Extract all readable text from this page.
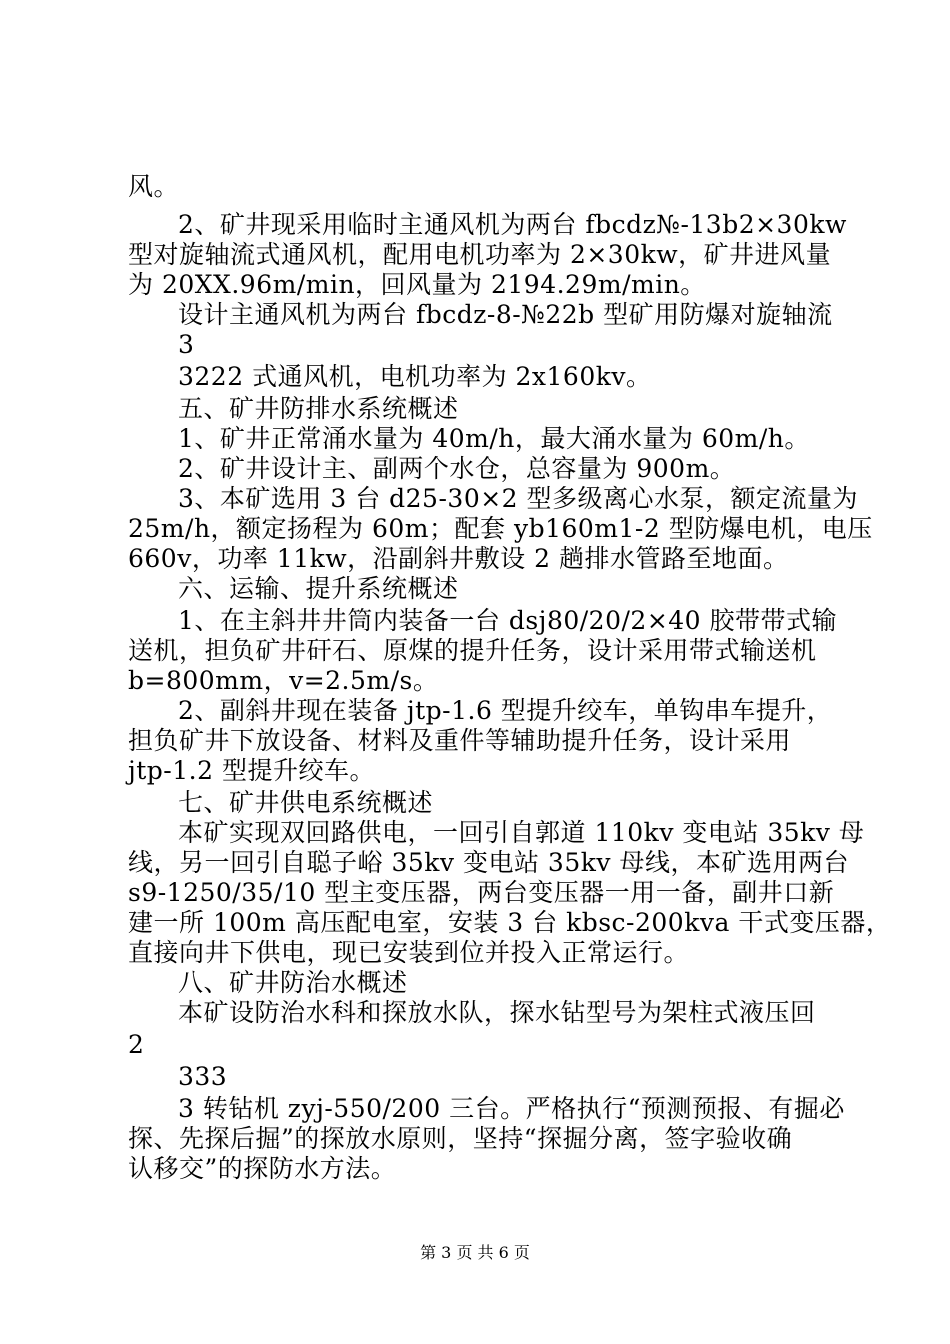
风。
2、矿井现采用临时主通风机为两台 fbcdz№-13b2×30kw
型对旋轴流式通风机，配用电机功率为 2×30kw，矿井进风量
为 20XX.96m/min，回风量为 2194.29m/min。
设计主通风机为两台 fbcdz-8-№22b 型矿用防爆对旋轴流
3
3222 式通风机，电机功率为 2x160kv。
五、矿井防排水系统概述
1、矿井正常涌水量为 40m/h，最大涌水量为 60m/h。
2、矿井设计主、副两个水仓，总容量为 900m。
3、本矿选用 3 台 d25-30×2 型多级离心水泵，额定流量为
25m/h，额定扬程为 60m；配套 yb160m1-2 型防爆电机，电压
660v，功率 11kw，沿副斜井敷设 2 趟排水管路至地面。
六、运输、提升系统概述
1、在主斜井井筒内装备一台 dsj80/20/2×40 胶带带式输
送机，担负矿井矸石、原煤的提升任务，设计采用带式输送机
b=800mm，v=2.5m/s。
2、副斜井现在装备 jtp-1.6 型提升绞车，单钩串车提升，
担负矿井下放设备、材料及重件等辅助提升任务，设计采用
jtp-1.2 型提升绞车。
七、矿井供电系统概述
本矿实现双回路供电，一回引自郭道 110kv 变电站 35kv 母
线，另一回引自聪子峪 35kv 变电站 35kv 母线，本矿选用两台
s9-1250/35/10 型主变压器，两台变压器一用一备，副井口新
建一所 100m 高压配电室，安装 3 台 kbsc-200kva 干式变压器，
直接向井下供电，现已安装到位并投入正常运行。
八、矿井防治水概述
本矿设防治水科和探放水队，探水钻型号为架柱式液压回
2
333
3 转钻机 zyj-550/200 三台。严格执行“预测预报、有掘必
探、先探后掘”的探放水原则，坚持“探掘分离，签字验收确
认移交”的探防水方法。
第 3 页 共 6 页
